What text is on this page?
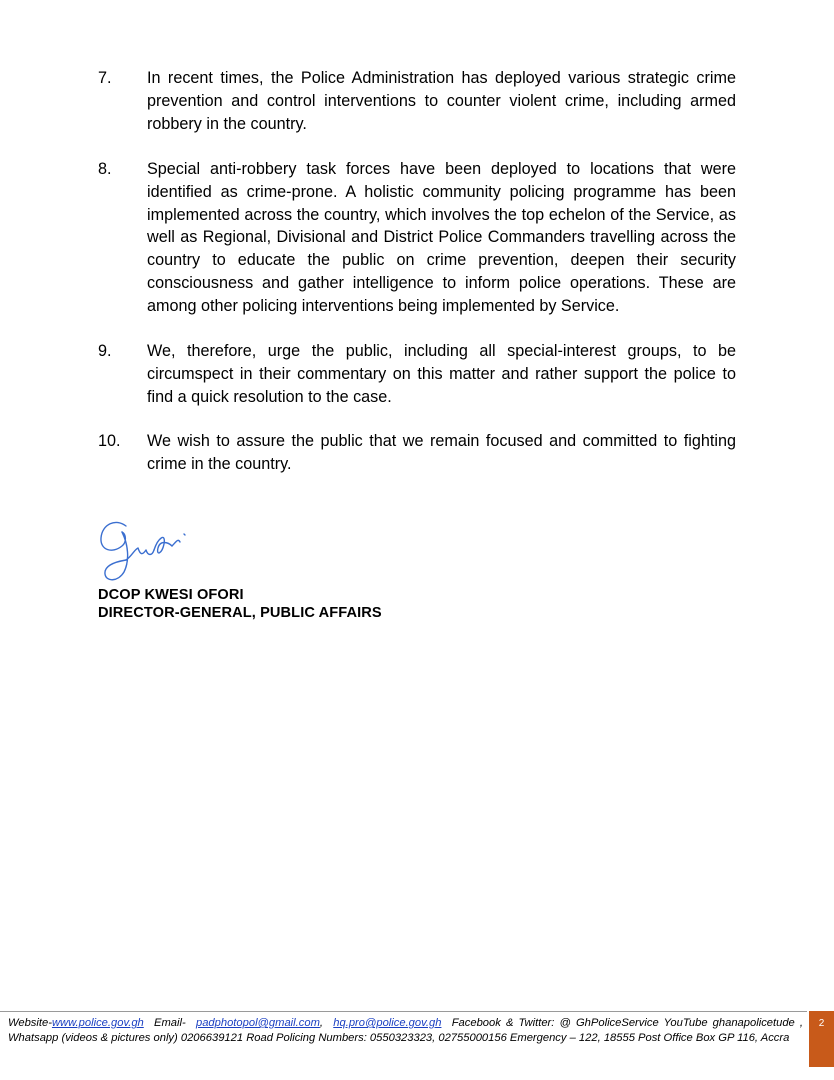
7. In recent times, the Police Administration has deployed various strategic crime prevention and control interventions to counter violent crime, including armed robbery in the country.
8. Special anti-robbery task forces have been deployed to locations that were identified as crime-prone. A holistic community policing programme has been implemented across the country, which involves the top echelon of the Service, as well as Regional, Divisional and District Police Commanders travelling across the country to educate the public on crime prevention, deepen their security consciousness and gather intelligence to inform police operations. These are among other policing interventions being implemented by Service.
9. We, therefore, urge the public, including all special-interest groups, to be circumspect in their commentary on this matter and rather support the police to find a quick resolution to the case.
10. We wish to assure the public that we remain focused and committed to fighting crime in the country.
DCOP KWESI OFORI
DIRECTOR-GENERAL, PUBLIC AFFAIRS
Website-www.police.gov.gh Email- padphotopol@gmail.com, hq.pro@police.gov.gh Facebook & Twitter: @ GhPoliceService YouTube ghanapolicetude , Whatsapp (videos & pictures only) 0206639121 Road Policing Numbers: 0550323323, 02755000156 Emergency – 122, 18555 Post Office Box GP 116, Accra
2
